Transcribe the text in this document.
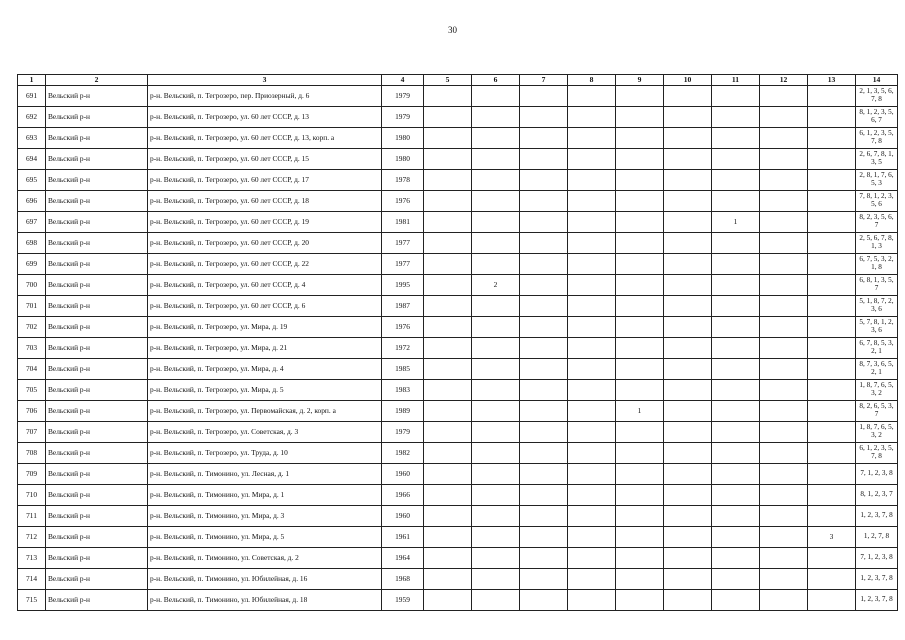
30
1	2	3	4	5	6	7	8	9	10	11	12	13	14
691	Вельский р-н	р-н. Вельский, п. Тегрозеро, пер. Приозерный, д. 6	1979										2, 1, 3, 5, 6, 7, 8
692	Вельский р-н	р-н. Вельский, п. Тегрозеро, ул. 60 лет СССР, д. 13	1979										8, 1, 2, 3, 5, 6, 7
693	Вельский р-н	р-н. Вельский, п. Тегрозеро, ул. 60 лет СССР, д. 13, корп. а	1980										6, 1, 2, 3, 5, 7, 8
694	Вельский р-н	р-н. Вельский, п. Тегрозеро, ул. 60 лет СССР, д. 15	1980										2, 6, 7, 8, 1, 3, 5
695	Вельский р-н	р-н. Вельский, п. Тегрозеро, ул. 60 лет СССР, д. 17	1978										2, 8, 1, 7, 6, 5, 3
696	Вельский р-н	р-н. Вельский, п. Тегрозеро, ул. 60 лет СССР, д. 18	1976										7, 8, 1, 2, 3, 5, 6
697	Вельский р-н	р-н. Вельский, п. Тегрозеро, ул. 60 лет СССР, д. 19	1981							1			8, 2, 3, 5, 6, 7
698	Вельский р-н	р-н. Вельский, п. Тегрозеро, ул. 60 лет СССР, д. 20	1977										2, 5, 6, 7, 8, 1, 3
699	Вельский р-н	р-н. Вельский, п. Тегрозеро, ул. 60 лет СССР, д. 22	1977										6, 7, 5, 3, 2, 1, 8
700	Вельский р-н	р-н. Вельский, п. Тегрозеро, ул. 60 лет СССР, д. 4	1995		2								6, 8, 1, 3, 5, 7
701	Вельский р-н	р-н. Вельский, п. Тегрозеро, ул. 60 лет СССР, д. 6	1987										5, 1, 8, 7, 2, 3, 6
702	Вельский р-н	р-н. Вельский, п. Тегрозеро, ул. Мира, д. 19	1976										5, 7, 8, 1, 2, 3, 6
703	Вельский р-н	р-н. Вельский, п. Тегрозеро, ул. Мира, д. 21	1972										6, 7, 8, 5, 3, 2, 1
704	Вельский р-н	р-н. Вельский, п. Тегрозеро, ул. Мира, д. 4	1985										8, 7, 3, 6, 5, 2, 1
705	Вельский р-н	р-н. Вельский, п. Тегрозеро, ул. Мира, д. 5	1983										1, 8, 7, 6, 5, 3, 2
706	Вельский р-н	р-н. Вельский, п. Тегрозеро, ул. Первомайская, д. 2, корп. а	1989					1					8, 2, 6, 5, 3, 7
707	Вельский р-н	р-н. Вельский, п. Тегрозеро, ул. Советская, д. 3	1979										1, 8, 7, 6, 5, 3, 2
708	Вельский р-н	р-н. Вельский, п. Тегрозеро, ул. Труда, д. 10	1982										6, 1, 2, 3, 5, 7, 8
709	Вельский р-н	р-н. Вельский, п. Тимонино, ул. Лесная, д. 1	1960										7, 1, 2, 3, 8
710	Вельский р-н	р-н. Вельский, п. Тимонино, ул. Мира, д. 1	1966										8, 1, 2, 3, 7
711	Вельский р-н	р-н. Вельский, п. Тимонино, ул. Мира, д. 3	1960										1, 2, 3, 7, 8
712	Вельский р-н	р-н. Вельский, п. Тимонино, ул. Мира, д. 5	1961									3	1, 2, 7, 8
713	Вельский р-н	р-н. Вельский, п. Тимонино, ул. Советская, д. 2	1964										7, 1, 2, 3, 8
714	Вельский р-н	р-н. Вельский, п. Тимонино, ул. Юбилейная, д. 16	1968										1, 2, 3, 7, 8
715	Вельский р-н	р-н. Вельский, п. Тимонино, ул. Юбилейная, д. 18	1959										1, 2, 3, 7, 8
